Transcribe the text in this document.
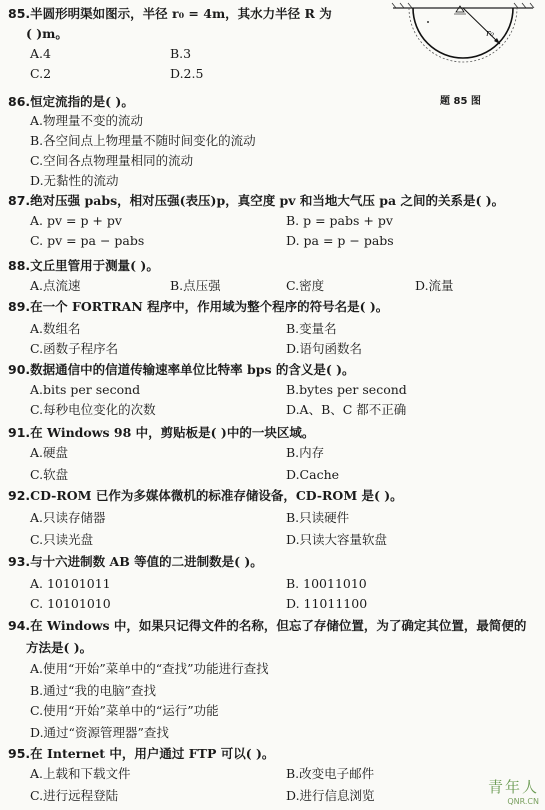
r₀
题 85 图
85.半圆形明渠如图示，半径 r₀ = 4m，其水力半径 R 为
( )m。
A.4	B.3
C.2	D.2.5
86.恒定流指的是( )。
A.物理量不变的流动
B.各空间点上物理量不随时间变化的流动
C.空间各点物理量相同的流动
D.无黏性的流动
87.绝对压强 pabs，相对压强(表压)p，真空度 pv 和当地大气压 pa 之间的关系是( )。
A. pv = p + pv	B. p = pabs + pv
C. pv = pa − pabs	D. pa = p − pabs
88.文丘里管用于测量( )。
A.点流速	B.点压强	C.密度	D.流量
89.在一个 FORTRAN 程序中，作用域为整个程序的符号名是( )。
A.数组名	B.变量名
C.函数子程序名	D.语句函数名
90.数据通信中的信道传输速率单位比特率 bps 的含义是( )。
A.bits per second	B.bytes per second
C.每秒电位变化的次数	D.A、B、C 都不正确
91.在 Windows 98 中，剪贴板是( )中的一块区域。
A.硬盘	B.内存
C.软盘	D.Cache
92.CD-ROM 已作为多媒体微机的标准存储设备，CD-ROM 是( )。
A.只读存储器	B.只读硬件
C.只读光盘	D.只读大容量软盘
93.与十六进制数 AB 等值的二进制数是( )。
A. 10101011	B. 10011010
C. 10101010	D. 11011100
94.在 Windows 中，如果只记得文件的名称，但忘了存储位置，为了确定其位置，最简便的
方法是( )。
A.使用“开始”菜单中的“查找”功能进行查找
B.通过“我的电脑”查找
C.使用“开始”菜单中的“运行”功能
D.通过“资源管理器”查找
95.在 Internet 中，用户通过 FTP 可以( )。
A.上载和下载文件	B.改变电子邮件
C.进行远程登陆	D.进行信息浏览	青年人
QNR.CN
